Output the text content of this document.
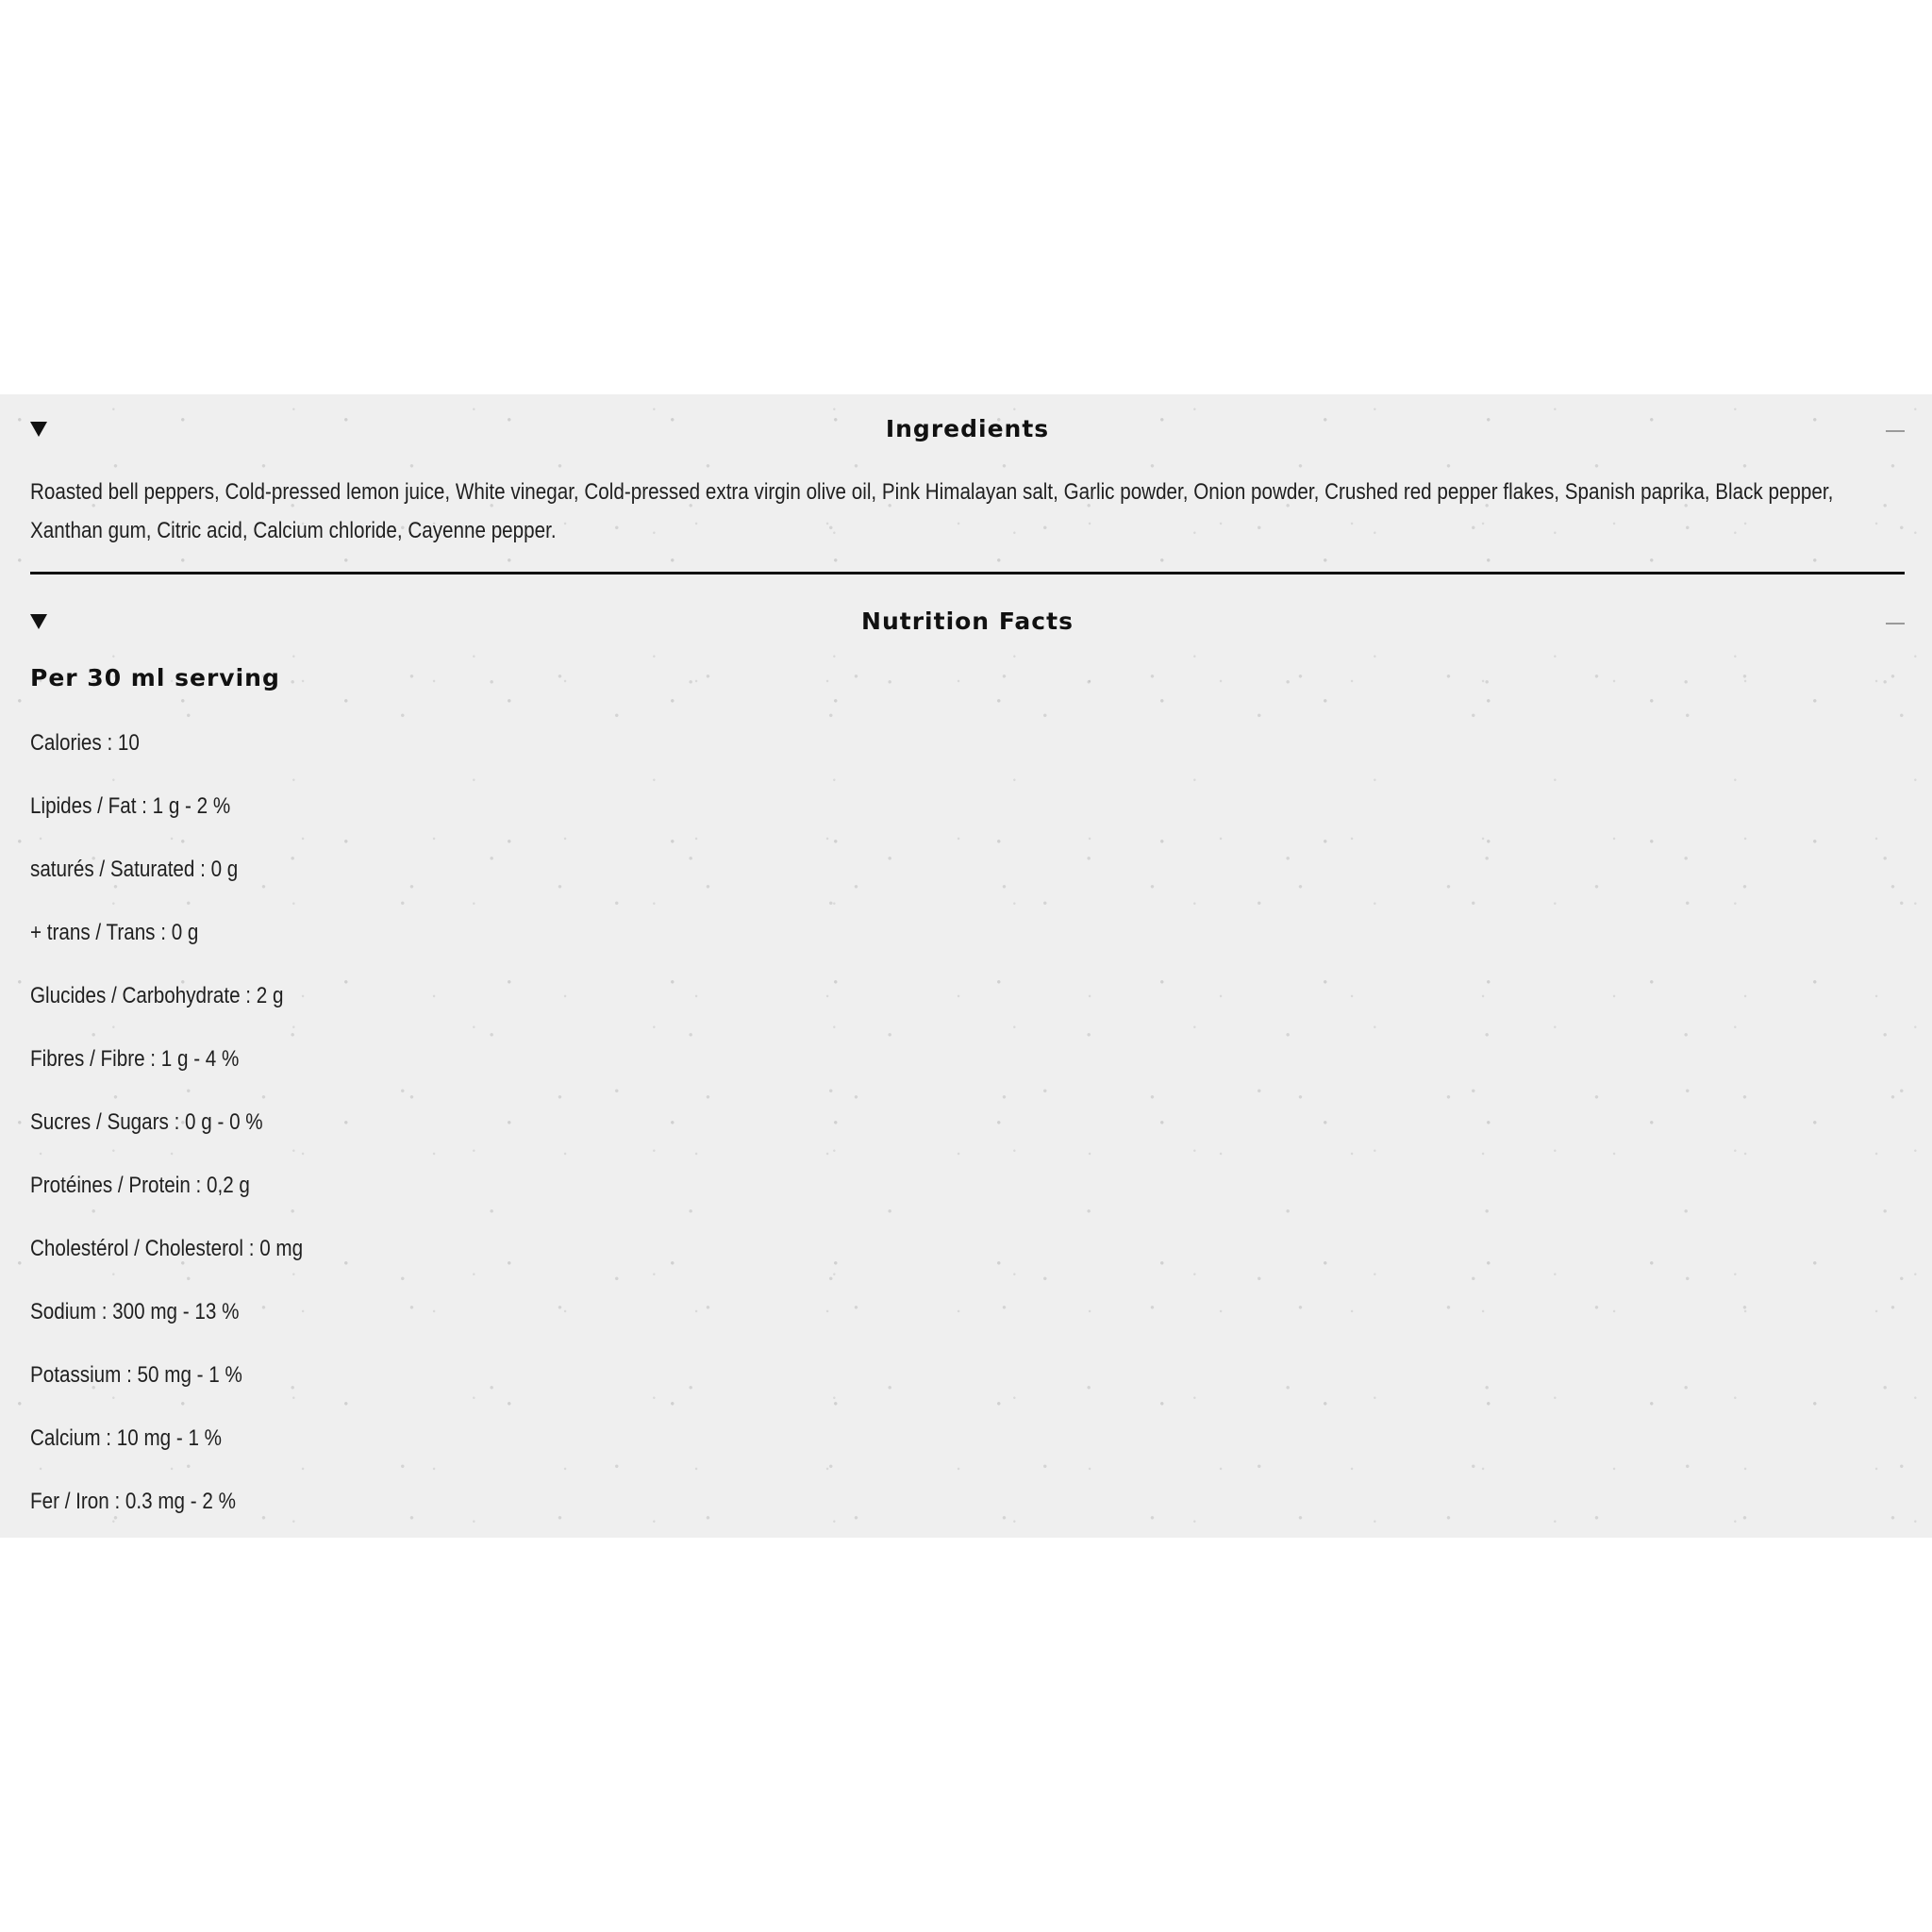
Ingredients
Roasted bell peppers, Cold-pressed lemon juice, White vinegar, Cold-pressed extra virgin olive oil, Pink Himalayan salt, Garlic powder, Onion powder, Crushed red pepper flakes, Spanish paprika, Black pepper, Xanthan gum, Citric acid, Calcium chloride, Cayenne pepper.
Nutrition Facts
Per 30 ml serving
Calories : 10
Lipides / Fat : 1 g - 2 %
saturés / Saturated : 0 g
+ trans / Trans : 0 g
Glucides / Carbohydrate : 2 g
Fibres / Fibre : 1 g - 4 %
Sucres / Sugars : 0 g - 0 %
Protéines / Protein : 0,2 g
Cholestérol / Cholesterol : 0 mg
Sodium : 300 mg - 13 %
Potassium : 50 mg - 1 %
Calcium : 10 mg - 1 %
Fer / Iron : 0.3 mg - 2 %
